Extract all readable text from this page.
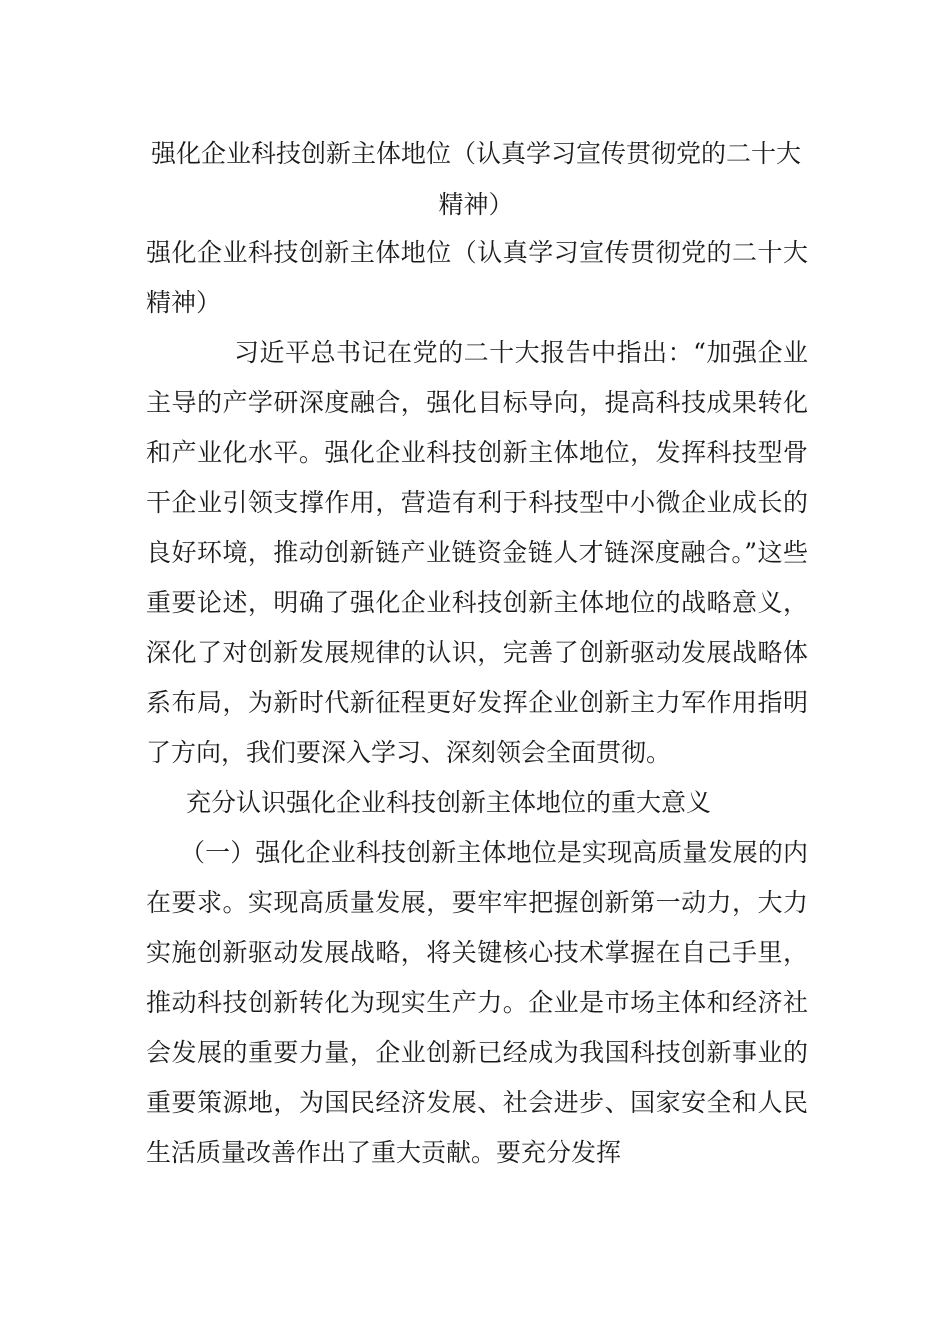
强化企业科技创新主体地位（认真学习宣传贯彻党的二十大精神）

强化企业科技创新主体地位（认真学习宣传贯彻党的二十大精神）

习近平总书记在党的二十大报告中指出：“加强企业主导的产学研深度融合，强化目标导向，提高科技成果转化和产业化水平。强化企业科技创新主体地位，发挥科技型骨干企业引领支撑作用，营造有利于科技型中小微企业成长的良好环境，推动创新链产业链资金链人才链深度融合。”这些重要论述，明确了强化企业科技创新主体地位的战略意义，深化了对创新发展规律的认识，完善了创新驱动发展战略体系布局，为新时代新征程更好发挥企业创新主力军作用指明了方向，我们要深入学习、深刻领会全面贯彻。

充分认识强化企业科技创新主体地位的重大意义

（一）强化企业科技创新主体地位是实现高质量发展的内在要求。实现高质量发展，要牢牢把握创新第一动力，大力实施创新驱动发展战略，将关键核心技术掌握在自己手里，推动科技创新转化为现实生产力。企业是市场主体和经济社会发展的重要力量，企业创新已经成为我国科技创新事业的重要策源地，为国民经济发展、社会进步、国家安全和人民生活质量改善作出了重大贡献。要充分发挥
